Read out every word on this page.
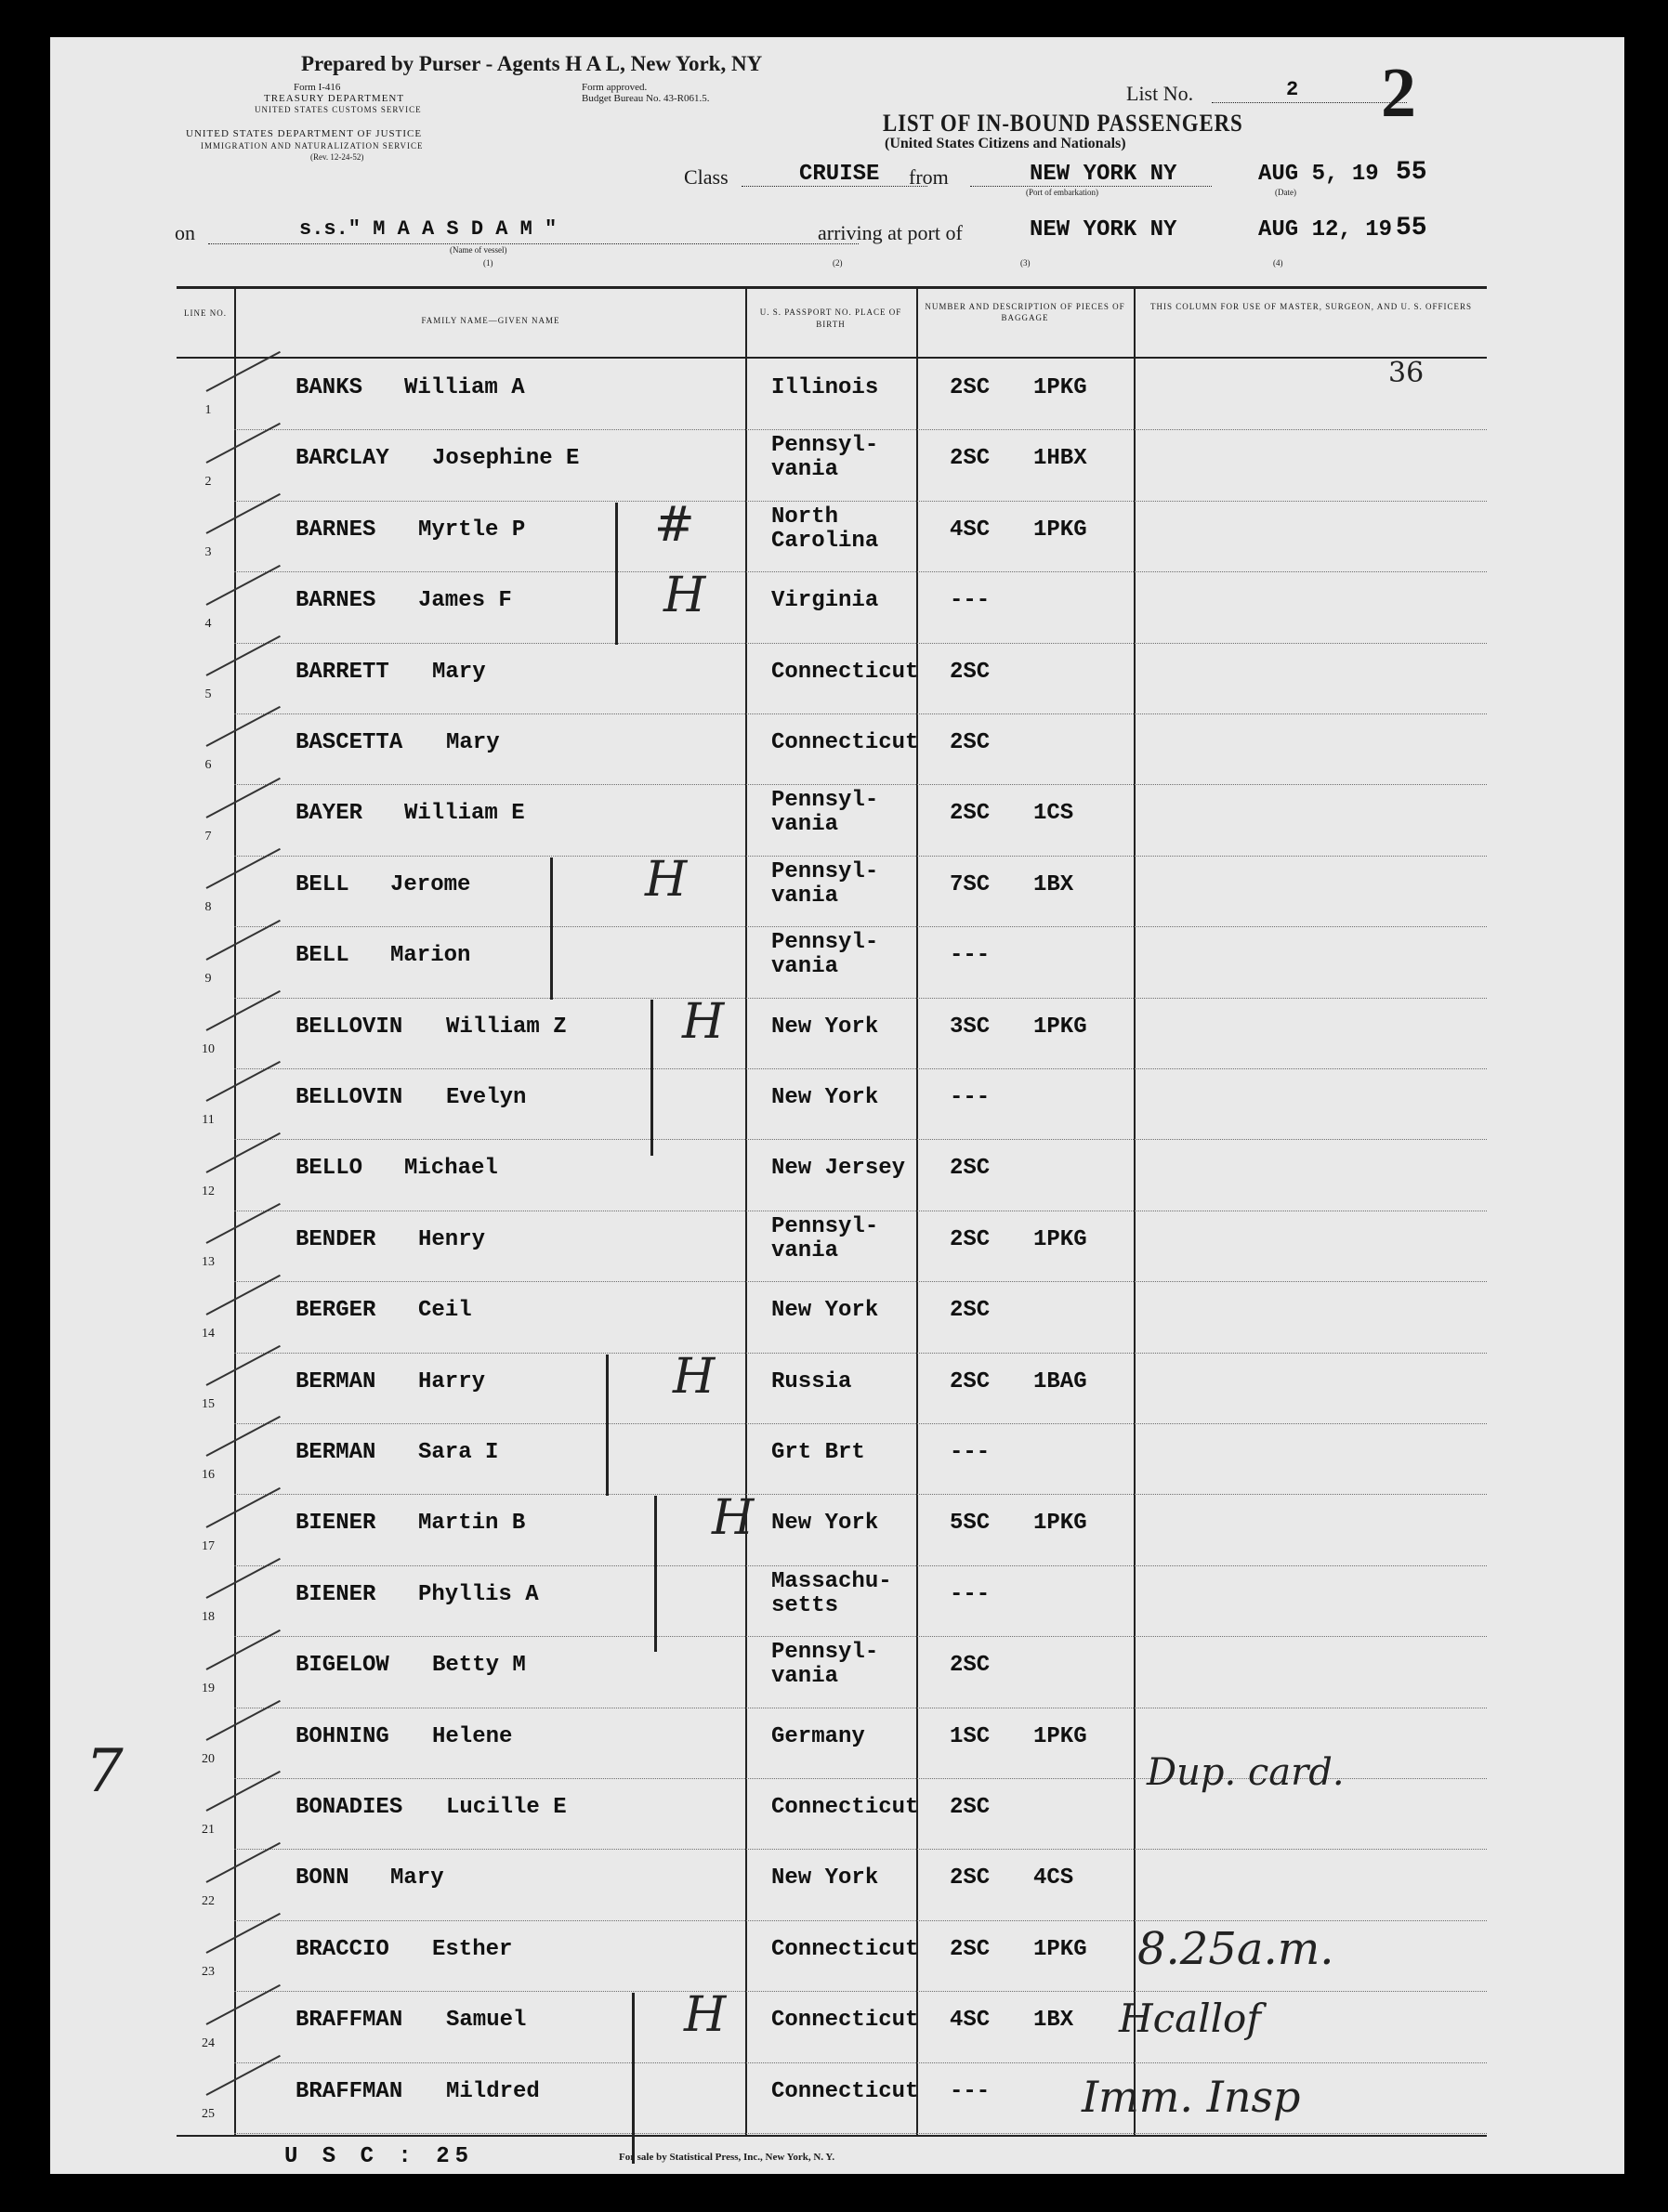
Prepared by Purser - Agents H A L, New York, NY
Form I-416
TREASURY DEPARTMENT
UNITED STATES CUSTOMS SERVICE
Form approved.
Budget Bureau No. 43-R061.5.
UNITED STATES DEPARTMENT OF JUSTICE
IMMIGRATION AND NATURALIZATION SERVICE
(Rev. 12-24-52)
List No.	2 2
LIST OF IN-BOUND PASSENGERS
(United States Citizens and Nationals)
Class	CRUISE from	NEW YORK NY
(Port of embarkation)
AUG 5, 19 55
(Date)
on	s.s." M A A S D A M "
(Name of vessel)
(1)
arriving at port of	NEW YORK NY	AUG 12, 19 55
(2)	(3)	(4)
LINE NO.
FAMILY NAME—GIVEN NAME
U. S. PASSPORT NO. PLACE OF BIRTH
NUMBER AND DESCRIPTION OF PIECES OF BAGGAGE
THIS COLUMN FOR USE OF MASTER, SURGEON, AND U. S. OFFICERS
1
BANKS William A	Illinois	2SC 1PKG
2
BARCLAY Josephine E
Pennsyl-
vania	2SC 1HBX
3
BARNES Myrtle P
North
Carolina	4SC 1PKG
#
4
BARNES James F	Virginia	---
H
5
BARRETT Mary	Connecticut 2SC
6
BASCETTA Mary	Connecticut 2SC
7
BAYER William E
Pennsyl-
vania	2SC 1CS
8
BELL Jerome
Pennsyl-
vania	7SC 1BX
H
9
BELL Marion
Pennsyl-
vania	---
10
BELLOVIN William Z	New York	3SC 1PKG
H
11
BELLOVIN Evelyn	New York	---
12
BELLO Michael	New Jersey 2SC
13
BENDER Henry
Pennsyl-
vania	2SC 1PKG
14
BERGER Ceil	New York	2SC
15
BERMAN Harry	Russia	2SC 1BAG
H
16
BERMAN Sara I	Grt Brt	---
17
BIENER Martin B	New York	5SC 1PKG
H
18
BIENER Phyllis A
Massachu-
setts	---
19
BIGELOW Betty M
Pennsyl-
vania	2SC
20
BOHNING Helene	Germany	1SC 1PKG
21
BONADIES Lucille E	Connecticut 2SC
22
BONN Mary	New York	2SC 4CS
23
BRACCIO Esther	Connecticut 2SC 1PKG
24
BRAFFMAN Samuel	Connecticut 4SC 1BX
H
25
BRAFFMAN Mildred	Connecticut ---
36
Dup. card.
8.25a.m.
Hcallof
Imm. Insp
7
U S C : 25	For sale by Statistical Press, Inc., New York, N. Y.
